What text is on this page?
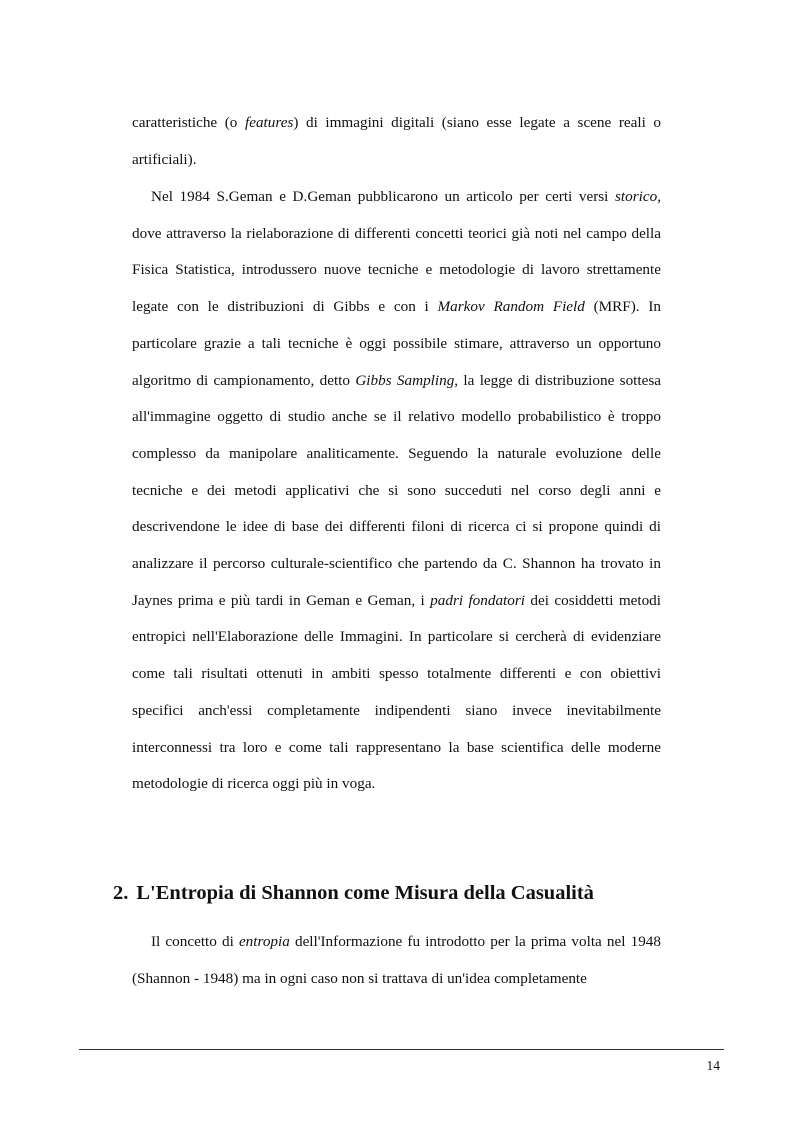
caratteristiche (o features) di immagini digitali (siano esse legate a scene reali o artificiali).

Nel 1984 S.Geman e D.Geman pubblicarono un articolo per certi versi storico, dove attraverso la rielaborazione di differenti concetti teorici già noti nel campo della Fisica Statistica, introdussero nuove tecniche e metodologie di lavoro strettamente legate con le distribuzioni di Gibbs e con i Markov Random Field (MRF). In particolare grazie a tali tecniche è oggi possibile stimare, attraverso un opportuno algoritmo di campionamento, detto Gibbs Sampling, la legge di distribuzione sottesa all'immagine oggetto di studio anche se il relativo modello probabilistico è troppo complesso da manipolare analiticamente. Seguendo la naturale evoluzione delle tecniche e dei metodi applicativi che si sono succeduti nel corso degli anni e descrivendone le idee di base dei differenti filoni di ricerca ci si propone quindi di analizzare il percorso culturale-scientifico che partendo da C. Shannon ha trovato in Jaynes prima e più tardi in Geman e Geman, i padri fondatori dei cosiddetti metodi entropici nell'Elaborazione delle Immagini. In particolare si cercherà di evidenziare come tali risultati ottenuti in ambiti spesso totalmente differenti e con obiettivi specifici anch'essi completamente indipendenti siano invece inevitabilmente interconnessi tra loro e come tali rappresentano la base scientifica delle moderne metodologie di ricerca oggi più in voga.

2. L'Entropia di Shannon come Misura della Casualità

Il concetto di entropia dell'Informazione fu introdotto per la prima volta nel 1948 (Shannon - 1948) ma in ogni caso non si trattava di un'idea completamente

14
